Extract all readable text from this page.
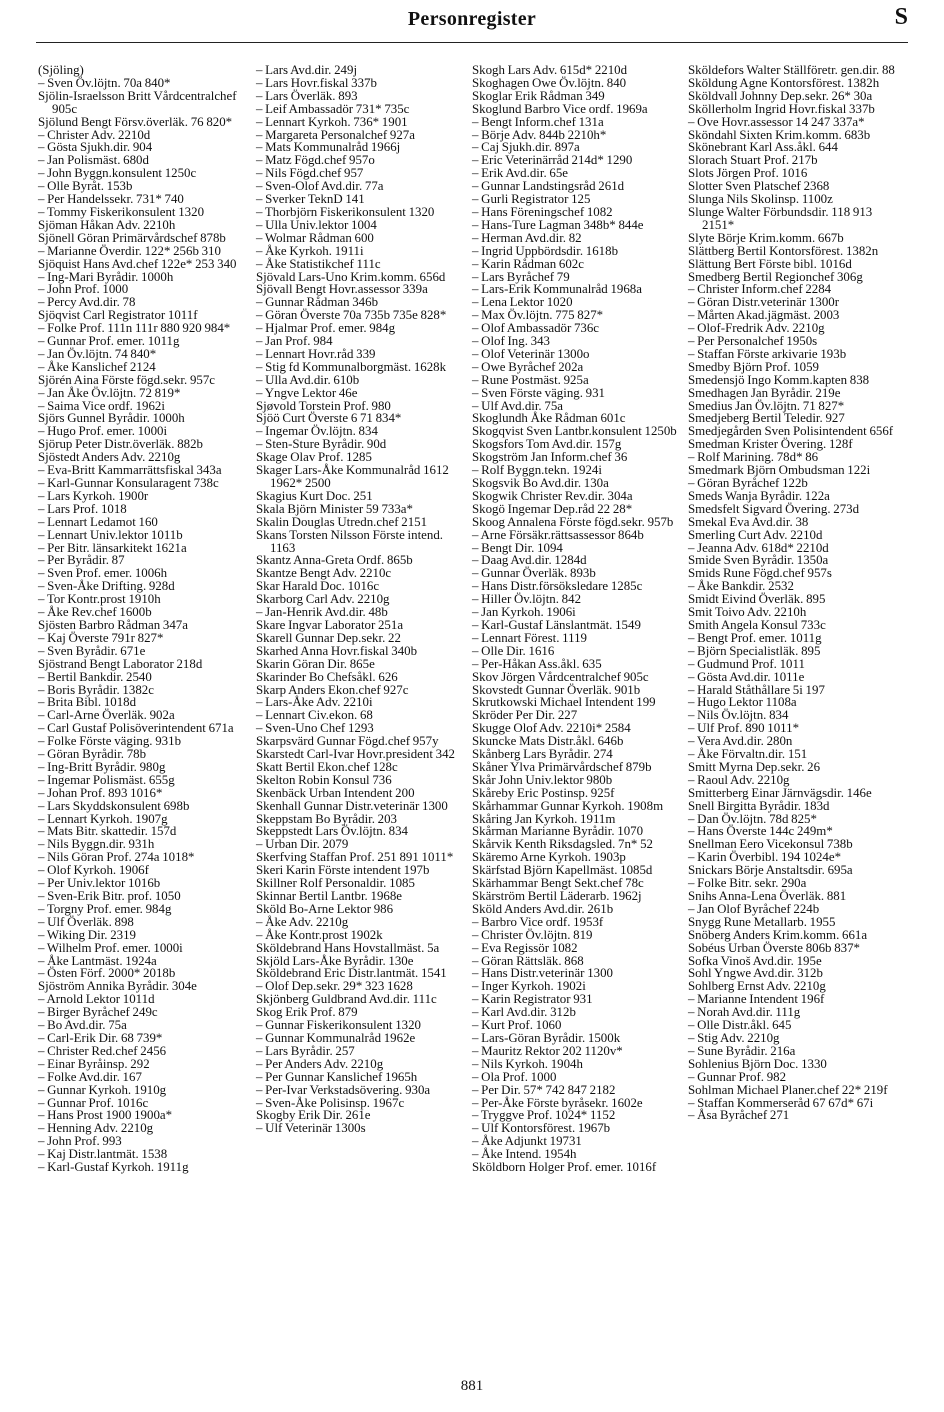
Personregister	S
(Sjöling)
– Sven Öv.löjtn. 70a 840*
Sjölin-Israelsson Britt Vårdcentralchef 905c
Sjölund Bengt Försv.överläk. 76 820*
– Christer Adv. 2210d
– Gösta Sjukh.dir. 904
– Jan Polismäst. 680d
– John Byggn.konsulent 1250c
– Olle Byråt. 153b
– Per Handelssekr. 731* 740
– Tommy Fiskerikonsulent 1320
Sjöman Håkan Adv. 2210h
Sjönell Göran Primärvårdschef 878b
– Marianne Överdir. 122* 256b 310
Sjöquist Hans Avd.chef 122e* 253 340
– Ing-Mari Byrådir. 1000h
– John Prof. 1000
– Percy Avd.dir. 78
Sjöqvist Carl Registrator 1011f
– Folke Prof. 111n 111r 880 920 984*
– Gunnar Prof. emer. 1011g
– Jan Öv.löjtn. 74 840*
– Åke Kanslichef 2124
Sjörén Aina Förste fögd.sekr. 957c
– Jan Åke Öv.löjtn. 72 819*
– Saima Vice ordf. 1962i
Sjörs Gunnel Byrådir. 1000h
– Hugo Prof. emer. 1000i
Sjörup Peter Distr.överläk. 882b
Sjöstedt Anders Adv. 2210g
– Eva-Britt Kammarrättsfiskal 343a
– Karl-Gunnar Konsularagent 738c
– Lars Kyrkoh. 1900r
– Lars Prof. 1018
– Lennart Ledamot 160
– Lennart Univ.lektor 1011b
– Per Bitr. länsarkitekt 1621a
– Per Byrådir. 87
– Sven Prof. emer. 1006h
– Sven-Åke Drifting. 928d
– Tor Kontr.prost 1910h
– Åke Rev.chef 1600b
Sjösten Barbro Rådman 347a
– Kaj Överste 791r 827*
– Sven Byrådir. 671e
Sjöstrand Bengt Laborator 218d
– Bertil Bankdir. 2540
– Boris Byrådir. 1382c
– Brita Bibl. 1018d
– Carl-Arne Överläk. 902a
– Carl Gustaf Polisöverintendent 671a
– Folke Förste väging. 931b
– Göran Byrådir. 78b
– Ing-Britt Byrådir. 980g
– Ingemar Polismäst. 655g
– Johan Prof. 893 1016*
– Lars Skyddskonsulent 698b
– Lennart Kyrkoh. 1907g
– Mats Bitr. skattedir. 157d
– Nils Byggn.dir. 931h
– Nils Göran Prof. 274a 1018*
– Olof Kyrkoh. 1906f
– Per Univ.lektor 1016b
– Sven-Erik Bitr. prof. 1050
– Torgny Prof. emer. 984g
– Ulf Överläk. 898
– Wiking Dir. 2319
– Wilhelm Prof. emer. 1000i
– Åke Lantmäst. 1924a
– Östen Förf. 2000* 2018b
Sjöström Annika Byrådir. 304e
– Arnold Lektor 1011d
– Birger Byråchef 249c
– Bo Avd.dir. 75a
– Carl-Erik Dir. 68 739*
– Christer Red.chef 2456
– Einar Byråinsp. 292
– Folke Avd.dir. 167
– Gunnar Kyrkoh. 1910g
– Gunnar Prof. 1016c
– Hans Prost 1900 1900a*
– Henning Adv. 2210g
– John Prof. 993
– Kaj Distr.lantmät. 1538
– Karl-Gustaf Kyrkoh. 1911g
– Lars Avd.dir. 249j
– Lars Hovr.fiskal 337b
– Lars Överläk. 893
– Leif Ambassadör 731* 735c
– Lennart Kyrkoh. 736* 1901
– Margareta Personalchef 927a
– Mats Kommunalråd 1966j
– Matz Fögd.chef 957o
– Nils Fögd.chef 957
– Sven-Olof Avd.dir. 77a
– Sverker TeknD 141
– Thorbjörn Fiskerikonsulent 1320
– Ulla Univ.lektor 1004
– Wolmar Rådman 600
– Åke Kyrkoh. 1911i
– Åke Statistikchef 111c
Sjövald Lars-Uno Krim.komm. 656d
Sjövall Bengt Hovr.assessor 339a
– Gunnar Rådman 346b
– Göran Överste 70a 735b 735e 828*
– Hjalmar Prof. emer. 984g
– Jan Prof. 984
– Lennart Hovr.råd 339
– Stig fd Kommunalborgmäst. 1628k
– Ulla Avd.dir. 610b
– Yngve Lektor 46e
Sjøvold Torstein Prof. 980
Sjöö Curt Överste 6 71 834*
– Ingemar Öv.löjtn. 834
– Sten-Sture Byrådir. 90d
Skage Olav Prof. 1285
Skager Lars-Åke Kommunalråd 1612 1962* 2500
Skagius Kurt Doc. 251
Skala Björn Minister 59 733a*
Skalin Douglas Utredn.chef 2151
Skans Torsten Nilsson Förste intend. 1163
Skantz Anna-Greta Ordf. 865b
Skantze Bengt Adv. 2210c
Skar Harald Doc. 1016c
Skarborg Carl Adv. 2210g
– Jan-Henrik Avd.dir. 48b
Skare Ingvar Laborator 251a
Skarell Gunnar Dep.sekr. 22
Skarhed Anna Hovr.fiskal 340b
Skarin Göran Dir. 865e
Skarinder Bo Chefsåkl. 626
Skarp Anders Ekon.chef 927c
– Lars-Åke Adv. 2210i
– Lennart Civ.ekon. 68
– Sven-Uno Chef 1293
Skarpsvärd Gunnar Fögd.chef 957y
Skarstedt Carl-Ivar Hovr.president 342
Skatt Bertil Ekon.chef 128c
Skelton Robin Konsul 736
Skenbäck Urban Intendent 200
Skenhall Gunnar Distr.veterinär 1300
Skeppstam Bo Byrådir. 203
Skeppstedt Lars Öv.löjtn. 834
– Urban Dir. 2079
Skerfving Staffan Prof. 251 891 1011*
Skeri Karin Förste intendent 197b
Skillner Rolf Personaldir. 1085
Skinnar Bertil Lantbr. 1968e
Sköld Bo-Arne Lektor 986
– Åke Adv. 2210g
– Åke Kontr.prost 1902k
Sköldebrand Hans Hovstallmäst. 5a
Skjöld Lars-Åke Byrådir. 130e
Sköldebrand Eric Distr.lantmät. 1541
– Olof Dep.sekr. 29* 323 1628
Skjönberg Guldbrand Avd.dir. 111c
Skog Erik Prof. 879
– Gunnar Fiskerikonsulent 1320
– Gunnar Kommunalråd 1962e
– Lars Byrådir. 257
– Per Anders Adv. 2210g
– Per Gunnar Kanslichef 1965h
– Per-Ivar Verkstadsövering. 930a
– Sven-Åke Polisinsp. 1967c
Skogby Erik Dir. 261e
– Ulf Veterinär 1300s
Skogh Lars Adv. 615d* 2210d
Skoghagen Owe Öv.löjtn. 840
Skoglar Erik Rådman 349
Skoglund Barbro Vice ordf. 1969a
– Bengt Inform.chef 131a
– Börje Adv. 844b 2210h*
– Caj Sjukh.dir. 897a
– Eric Veterinärråd 214d* 1290
– Erik Avd.dir. 65e
– Gunnar Landstingsråd 261d
– Gurli Registrator 125
– Hans Föreningschef 1082
– Hans-Ture Lagman 348b* 844e
– Herman Avd.dir. 82
– Ingrid Uppbördsdir. 1618b
– Karin Rådman 602c
– Lars Byråchef 79
– Lars-Erik Kommunalråd 1968a
– Lena Lektor 1020
– Max Öv.löjtn. 775 827*
– Olof Ambassadör 736c
– Olof Ing. 343
– Olof Veterinär 1300o
– Owe Byråchef 202a
– Rune Postmäst. 925a
– Sven Förste väging. 931
– Ulf Avd.dir. 75a
Skoglundh Åke Rådman 601c
Skogqvist Sven Lantbr.konsulent 1250b
Skogsfors Tom Avd.dir. 157g
Skogström Jan Inform.chef 36
– Rolf Byggn.tekn. 1924i
Skogsvik Bo Avd.dir. 130a
Skogwik Christer Rev.dir. 304a
Skogö Ingemar Dep.råd 22 28*
Skoog Annalena Förste fögd.sekr. 957b
– Arne Försäkr.rättsassessor 864b
– Bengt Dir. 1094
– Daag Avd.dir. 1284d
– Gunnar Överläk. 893b
– Hans Distr.försöksledare 1285c
– Hiller Öv.löjtn. 842
– Jan Kyrkoh. 1906i
– Karl-Gustaf Länslantmät. 1549
– Lennart Förest. 1119
– Olle Dir. 1616
– Per-Håkan Ass.åkl. 635
Skov Jörgen Vårdcentralchef 905c
Skovstedt Gunnar Överläk. 901b
Skrutkowski Michael Intendent 199
Skröder Per Dir. 227
Skugge Olof Adv. 2210i* 2584
Skuncke Mats Distr.åkl. 646b
Skånberg Lars Byrådir. 274
Skåner Ylva Primärvårdschef 879b
Skår John Univ.lektor 980b
Skåreby Eric Postinsp. 925f
Skårhammar Gunnar Kyrkoh. 1908m
Skåring Jan Kyrkoh. 1911m
Skårman Marianne Byrådir. 1070
Skårvik Kenth Riksdagsled. 7n* 52
Skäremo Arne Kyrkoh. 1903p
Skärfstad Björn Kapellmäst. 1085d
Skärhammar Bengt Sekt.chef 78c
Skärström Bertil Läderarb. 1962j
Sköld Anders Avd.dir. 261b
– Barbro Vice ordf. 1953f
– Christer Öv.löjtn. 819
– Eva Regissör 1082
– Göran Rättsläk. 868
– Hans Distr.veterinär 1300
– Inger Kyrkoh. 1902i
– Karin Registrator 931
– Karl Avd.dir. 312b
– Kurt Prof. 1060
– Lars-Göran Byrådir. 1500k
– Mauritz Rektor 202 1120v*
– Nils Kyrkoh. 1904h
– Ola Prof. 1000
– Per Dir. 57* 742 847 2182
– Per-Åke Förste byråsekr. 1602e
– Tryggve Prof. 1024* 1152
– Ulf Kontorsförest. 1967b
– Åke Adjunkt 19731
– Åke Intend. 1954h
Sköldborn Holger Prof. emer. 1016f
Sköldefors Walter Ställföretr. gen.dir. 88
Sköldung Agne Kontorsförest. 1382h
Sköldvall Johnny Dep.sekr. 26* 30a
Sköllerholm Ingrid Hovr.fiskal 337b
– Ove Hovr.assessor 14 247 337a*
Sköndahl Sixten Krim.komm. 683b
Skönebrant Karl Ass.åkl. 644
Slorach Stuart Prof. 217b
Slots Jörgen Prof. 1016
Slotter Sven Platschef 2368
Slunga Nils Skolinsp. 1100z
Slunge Walter Förbundsdir. 118 913 2151*
Slyte Börje Krim.komm. 667b
Slättberg Bertil Kontorsförest. 1382n
Slättung Bert Förste bibl. 1016d
Smedberg Bertil Regionchef 306g
– Christer Inform.chef 2284
– Göran Distr.veterinär 1300r
– Mårten Akad.jägmäst. 2003
– Olof-Fredrik Adv. 2210g
– Per Personalchef 1950s
– Staffan Förste arkivarie 193b
Smedby Björn Prof. 1059
Smedensjö Ingo Komm.kapten 838
Smedhagen Jan Byrådir. 219e
Smedius Jan Öv.löjtn. 71 827*
Smedjeberg Bertil Teledir. 927
Smedjegården Sven Polisintendent 656f
Smedman Krister Övering. 128f
– Rolf Marining. 78d* 86
Smedmark Björn Ombudsman 122i
– Göran Byråchef 122b
Smeds Wanja Byrådir. 122a
Smedsfelt Sigvard Övering. 273d
Smekal Eva Avd.dir. 38
Smerling Curt Adv. 2210d
– Jeanna Adv. 618d* 2210d
Smide Sven Byrådir. 1350a
Smids Rune Fögd.chef 957s
– Åke Bankdir. 2532
Smidt Eivind Överläk. 895
Smit Toivo Adv. 2210h
Smith Angela Konsul 733c
– Bengt Prof. emer. 1011g
– Björn Specialistläk. 895
– Gudmund Prof. 1011
– Gösta Avd.dir. 1011e
– Harald Ståthållare 5i 197
– Hugo Lektor 1108a
– Nils Öv.löjtn. 834
– Ulf Prof. 890 1011*
– Vera Avd.dir. 280n
– Åke Förvaltn.dir. 151
Smitt Myrna Dep.sekr. 26
– Raoul Adv. 2210g
Smitterberg Einar Järnvägsdir. 146e
Snell Birgitta Byrådir. 183d
– Dan Öv.löjtn. 78d 825*
– Hans Överste 144c 249m*
Snellman Eero Vicekonsul 738b
– Karin Överbibl. 194 1024e*
Snickars Börje Anstaltsdir. 695a
– Folke Bitr. sekr. 290a
Snihs Anna-Lena Överläk. 881
– Jan Olof Byråchef 224b
Snygg Rune Metallarb. 1955
Snöberg Anders Krim.komm. 661a
Sobéus Urban Överste 806b 837*
Sofka Vinoš Avd.dir. 195e
Sohl Yngwe Avd.dir. 312b
Sohlberg Ernst Adv. 2210g
– Marianne Intendent 196f
– Norah Avd.dir. 111g
– Olle Distr.åkl. 645
– Stig Adv. 2210g
– Sune Byrådir. 216a
Sohlenius Björn Doc. 1330
– Gunnar Prof. 982
Sohlman Michael Planer.chef 22* 219f
– Staffan Kommerseråd 67 67d* 67i
– Åsa Byråchef 271
881
